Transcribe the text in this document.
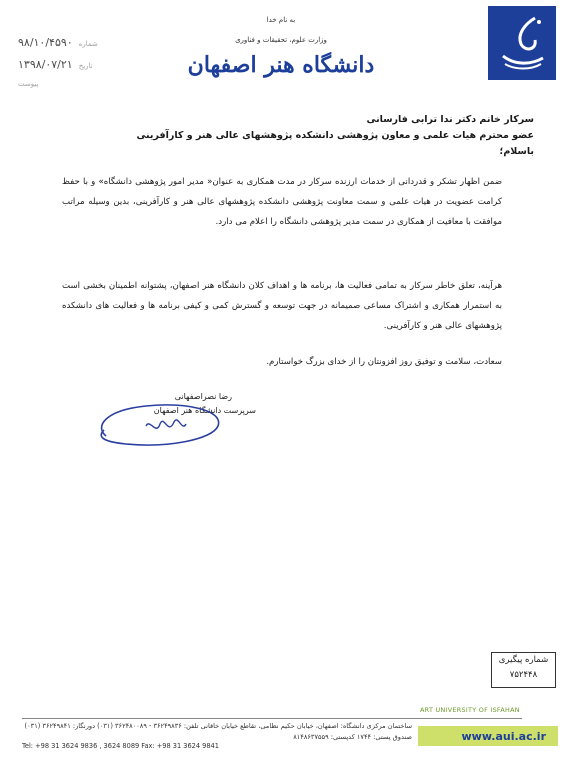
به نام خدا
وزارت علوم، تحقیقات و فناوری
دانشگاه هنر اصفهان
۹۸/۱۰/۴۵۹۰ شماره
۱۳۹۸/۰۷/۲۱ تاریخ
پیوست
سرکار خانم دکتر ندا ترابی فارسانی
عضو محترم هیات علمی و معاون پژوهشی دانشکده پژوهشهای عالی هنر و کارآفرینی
باسلام؛
ضمن اظهار تشکر و قدردانی از خدمات ارزنده سرکار در مدت همکاری به عنوان« مدیر امور پژوهشی دانشگاه» و با حفظ کرامت عضویت در هیات علمی و سمت معاونت پژوهشی دانشکده پژوهشهای عالی هنر و کارآفرینی، بدین وسیله مراتب موافقت با معافیت از همکاری در سمت مدیر پژوهشی دانشگاه را اعلام می دارد.
هرآینه، تعلق خاطر سرکار به تمامی فعالیت ها، برنامه ها و اهداف کلان دانشگاه هنر اصفهان، پشتوانه اطمینان بخشی است به استمرار همکاری و اشتراک مساعی صمیمانه در جهت توسعه و گسترش کمی و کیفی برنامه ها و فعالیت های دانشکده پژوهشهای عالی هنر و کارآفرینی.
سعادت، سلامت و توفیق روز افزونتان را از خدای بزرگ خواستارم.
رضا نصراصفهانی
سرپرست دانشگاه هنر اصفهان
شماره پیگیری
۷۵۲۴۴۸
ART UNIVERSITY OF ISFAHAN
ساختمان مرکزی دانشگاه: اصفهان، خیابان حکیم نظامی، تقاطع خیابان خاقانی تلفن: ۳۶۲۴۹۸۳۶ - ۳۶۲۴۸۰۰۸۹ (۰۳۱) دورنگار: ۳۶۲۴۹۸۴۱ (۰۳۱)
صندوق پستی: ۱۷۴۴ کدپستی: ۸۱۴۸۶۳۷۵۵۹
Tel: +98 31 3624 9836 , 3624 8089 Fax: +98 31 3624 9841
www.aui.ac.ir
